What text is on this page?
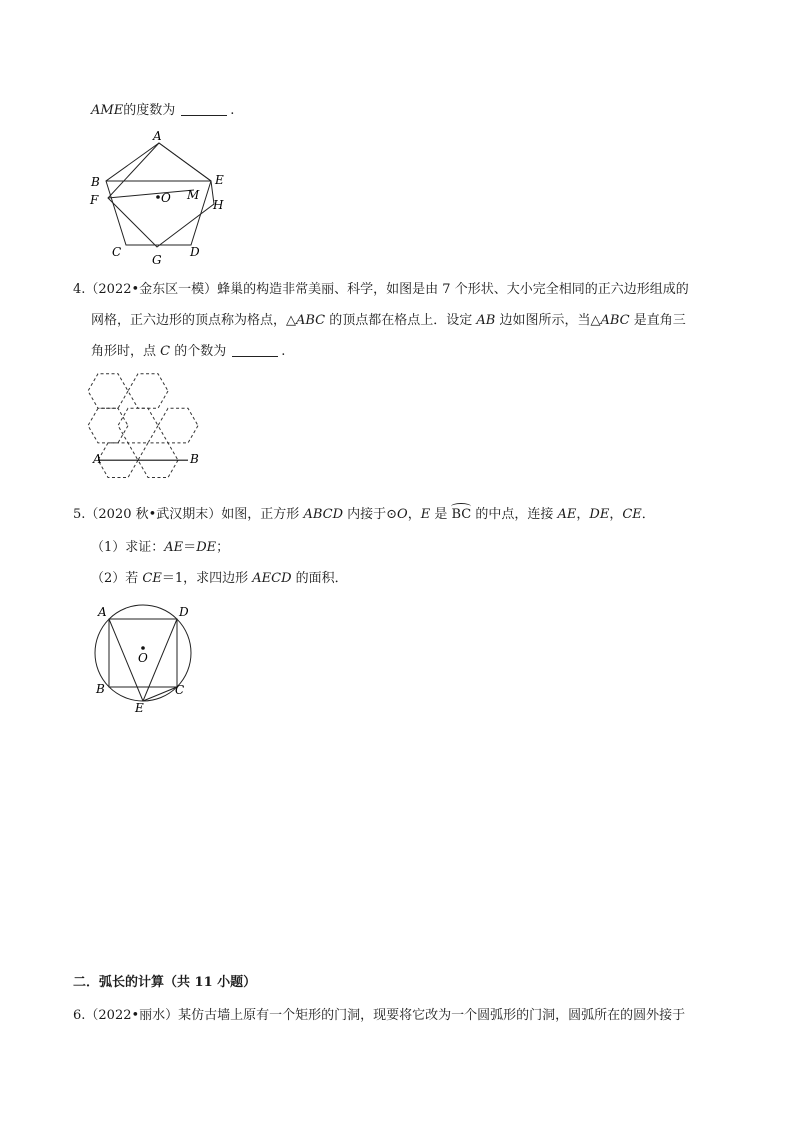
AME的度数为	.
A
B
F
E
H
M
O
C	D
G
4.（2022•金东区一模）蜂巢的构造非常美丽、科学，如图是由 7 个形状、大小完全相同的正六边形组成的
网格，正六边形的顶点称为格点，△ABC 的顶点都在格点上．设定 AB 边如图所示，当△ABC 是直角三
角形时，点 C 的个数为	.
A	B
5.（2020 秋•武汉期末）如图，正方形 ABCD 内接于⊙O，E 是 BC 的中点，连接 AE，DE，CE．
（1）求证：AE＝DE；
（2）若 CE＝1，求四边形 AECD 的面积．
A	D
B	C
O
E
二．弧长的计算（共 11 小题）
6.（2022•丽水）某仿古墙上原有一个矩形的门洞，现要将它改为一个圆弧形的门洞，圆弧所在的圆外接于
